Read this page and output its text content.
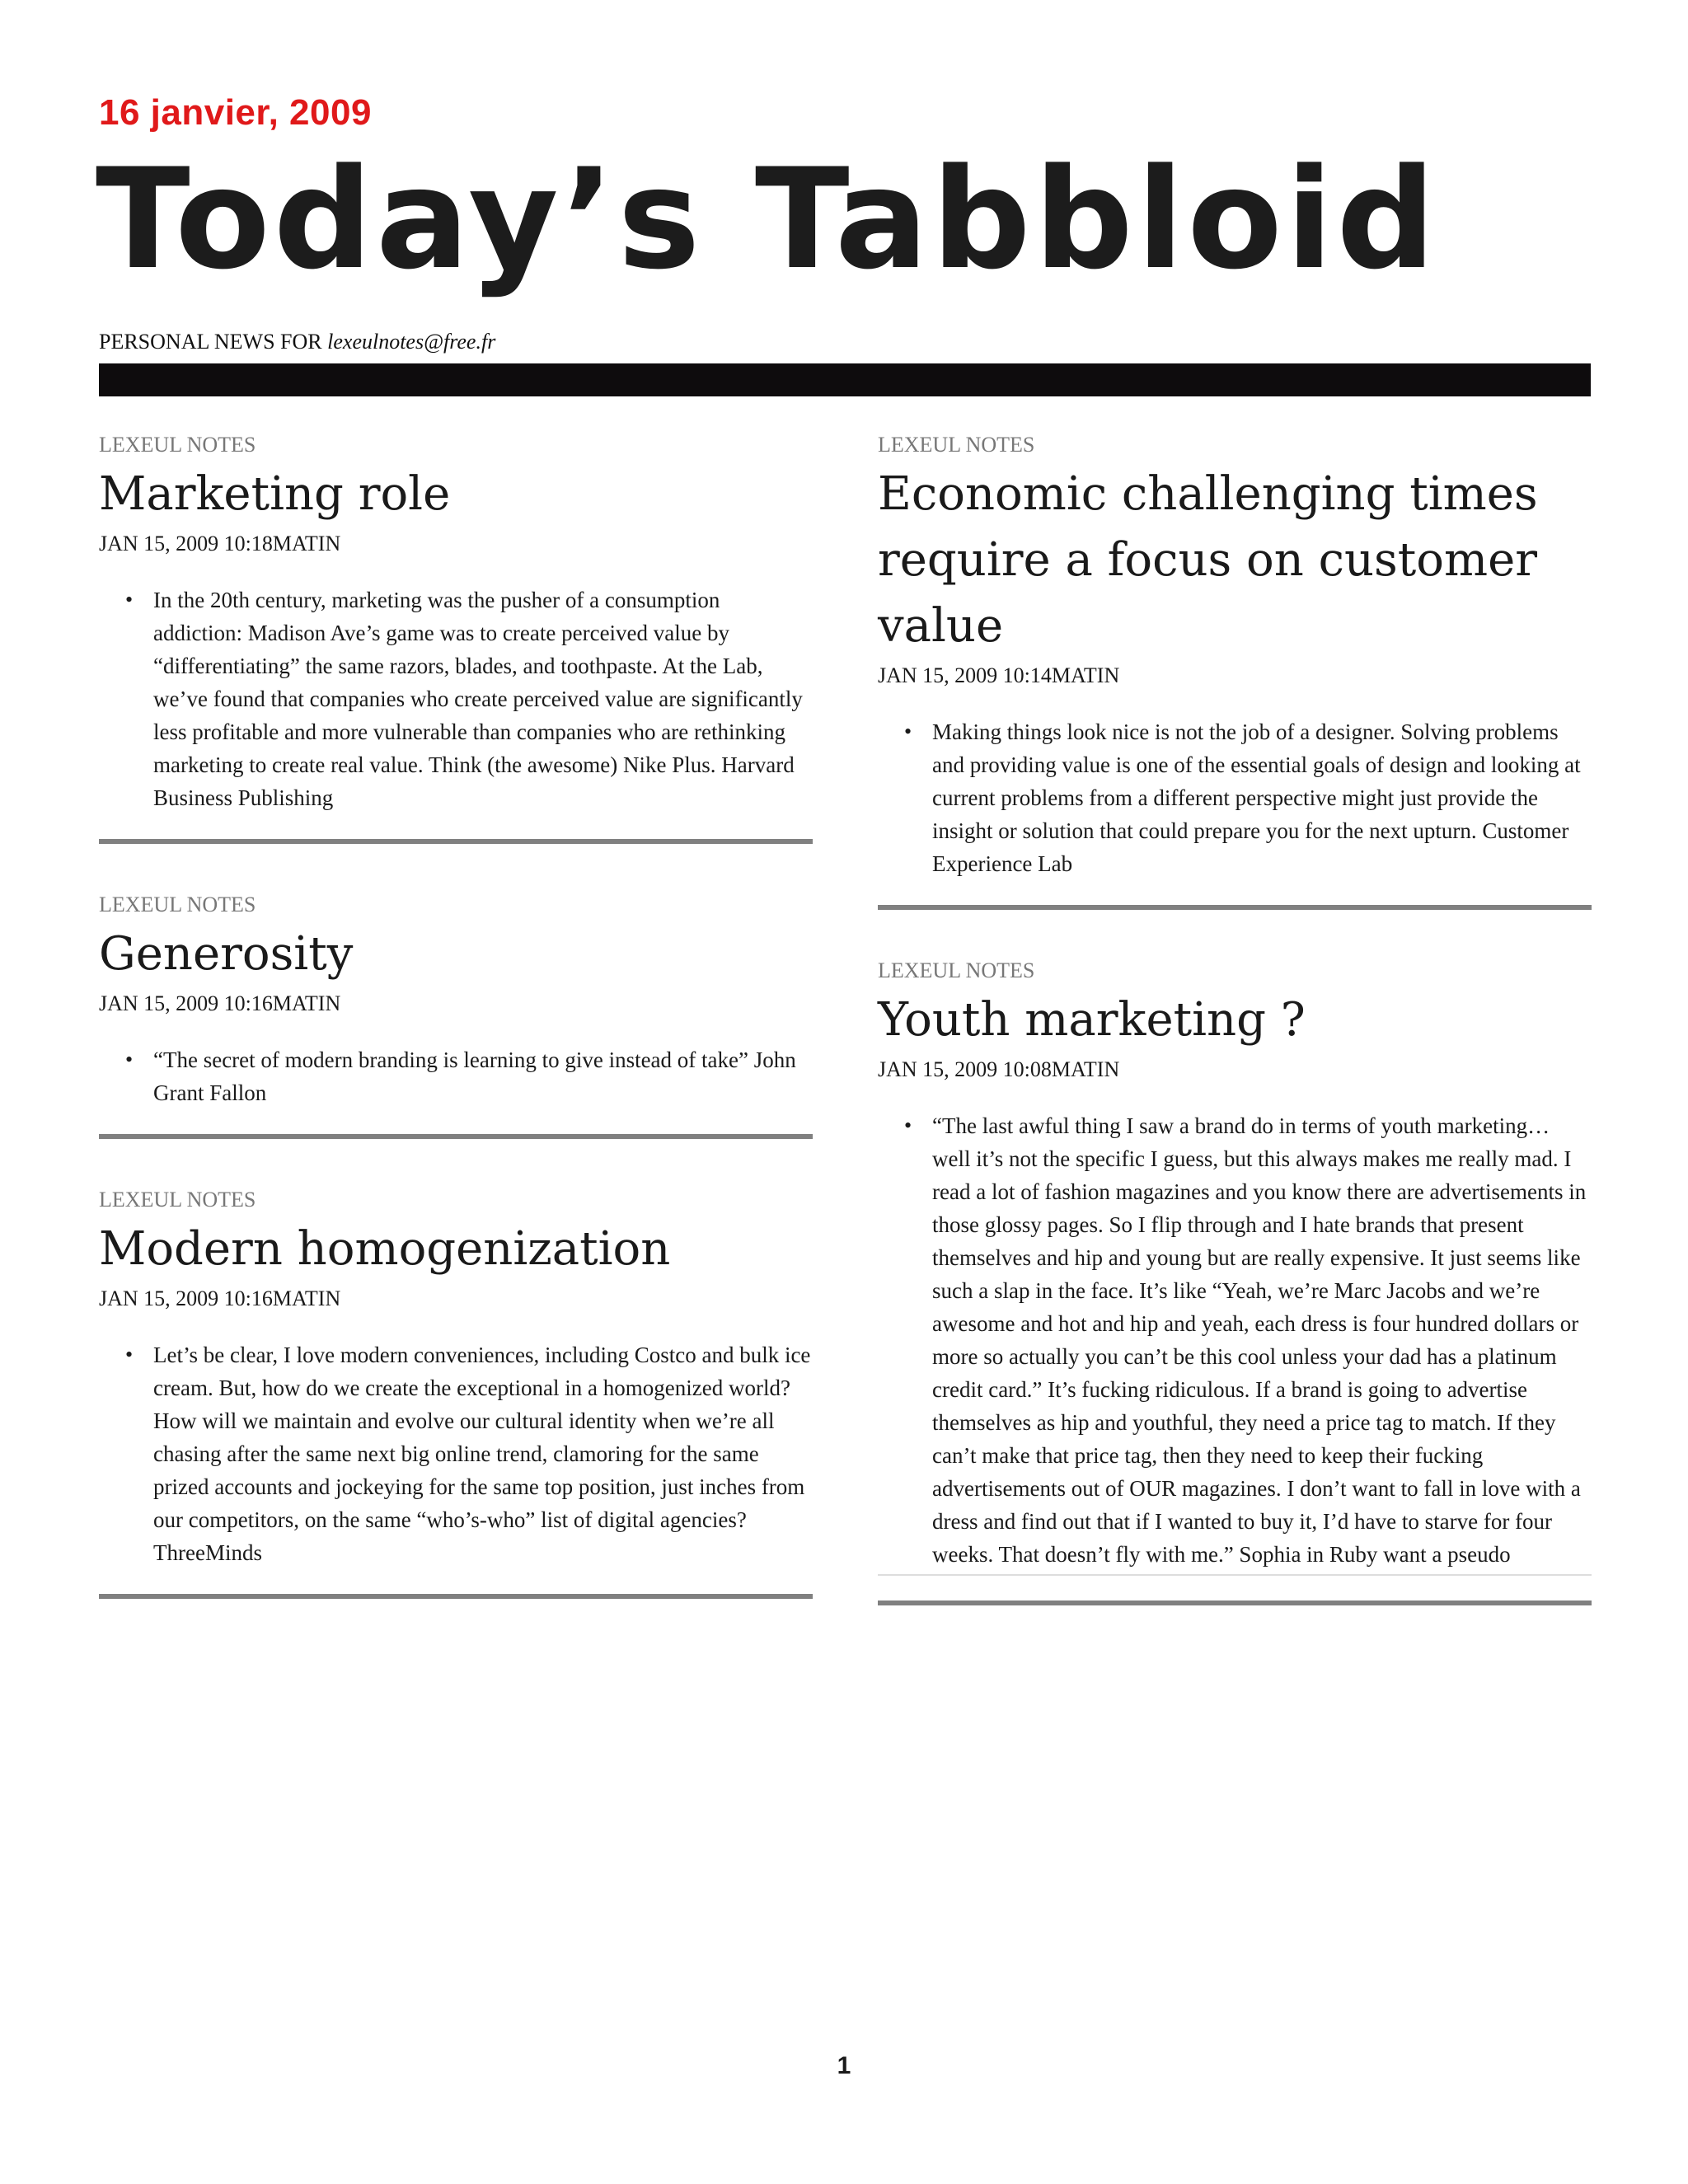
16 janvier, 2009
Today’s Tabbloid
PERSONAL NEWS FOR lexeulnotes@free.fr

LEXEUL NOTES

Marketing role

JAN 15, 2009 10:18MATIN

• In the 20th century, marketing was the pusher of a consumption addiction: Madison Ave’s game was to create perceived value by “differentiating” the same razors, blades, and toothpaste. At the Lab, we’ve found that companies who create perceived value are significantly less profitable and more vulnerable than companies who are rethinking marketing to create real value. Think (the awesome) Nike Plus. Harvard Business Publishing

LEXEUL NOTES

Generosity

JAN 15, 2009 10:16MATIN

• “The secret of modern branding is learning to give instead of take” John Grant Fallon

LEXEUL NOTES

Modern homogenization

JAN 15, 2009 10:16MATIN

• Let’s be clear, I love modern conveniences, including Costco and bulk ice cream. But, how do we create the exceptional in a homogenized world? How will we maintain and evolve our cultural identity when we’re all chasing after the same next big online trend, clamoring for the same prized accounts and jockeying for the same top position, just inches from our competitors, on the same “who’s-who” list of digital agencies? ThreeMinds

LEXEUL NOTES

Economic challenging times require a focus on customer value

JAN 15, 2009 10:14MATIN

• Making things look nice is not the job of a designer. Solving problems and providing value is one of the essential goals of design and looking at current problems from a different perspective might just provide the insight or solution that could prepare you for the next upturn. Customer Experience Lab

LEXEUL NOTES

Youth marketing ?

JAN 15, 2009 10:08MATIN

• “The last awful thing I saw a brand do in terms of youth marketing… well it’s not the specific I guess, but this always makes me really mad. I read a lot of fashion magazines and you know there are advertisements in those glossy pages. So I flip through and I hate brands that present themselves and hip and young but are really expensive. It just seems like such a slap in the face. It’s like “Yeah, we’re Marc Jacobs and we’re awesome and hot and hip and yeah, each dress is four hundred dollars or more so actually you can’t be this cool unless your dad has a platinum credit card.” It’s fucking ridiculous. If a brand is going to advertise themselves as hip and youthful, they need a price tag to match. If they can’t make that price tag, then they need to keep their fucking advertisements out of OUR magazines. I don’t want to fall in love with a dress and find out that if I wanted to buy it, I’d have to starve for four weeks. That doesn’t fly with me.” Sophia in Ruby want a pseudo
1
